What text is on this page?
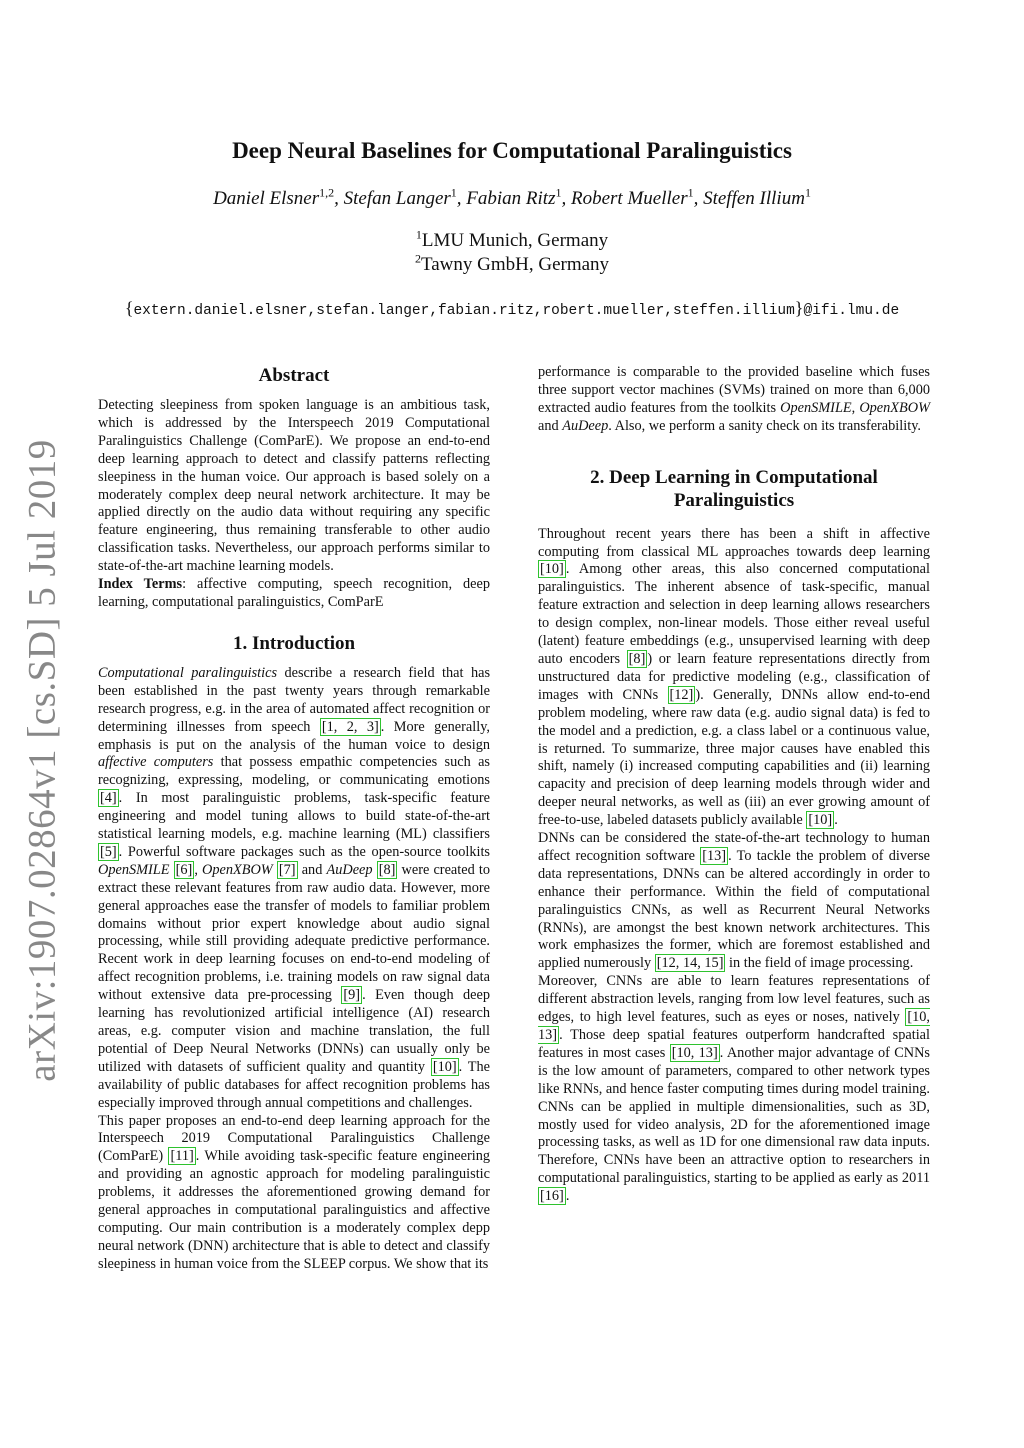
arXiv:1907.02864v1 [cs.SD] 5 Jul 2019
Deep Neural Baselines for Computational Paralinguistics
Daniel Elsner$^{1,2}$, Stefan Langer$^1$, Fabian Ritz$^1$, Robert Mueller$^1$, Steffen Illium$^1$
$^1$LMU Munich, Germany
$^2$Tawny GmbH, Germany
{extern.daniel.elsner,stefan.langer,fabian.ritz,robert.mueller,steffen.illium}@ifi.lmu.de
Abstract

Detecting sleepiness from spoken language is an ambitious task, which is addressed by the Interspeech 2019 Computational Paralinguistics Challenge (ComParE). We propose an end-to-end deep learning approach to detect and classify patterns reflecting sleepiness in the human voice. Our approach is based solely on a moderately complex deep neural network architecture. It may be applied directly on the audio data without requiring any specific feature engineering, thus remaining transferable to other audio classification tasks. Nevertheless, our approach performs similar to state-of-the-art machine learning models.

Index Terms: affective computing, speech recognition, deep learning, computational paralinguistics, ComParE

1. Introduction

Computational paralinguistics describe a research field that has been established in the past twenty years through remarkable research progress, e.g. in the area of automated affect recognition or determining illnesses from speech [1, 2, 3] . More generally, emphasis is put on the analysis of the human voice to design affective computers that possess empathic competencies such as recognizing, expressing, modeling, or communicating emotions [4] . In most paralinguistic problems, task-specific feature engineering and model tuning allows to build state-of-the-art statistical learning models, e.g. machine learning (ML) classifiers [5] . Powerful software packages such as the open-source toolkits OpenSMILE [6] , OpenXBOW [7] and AuDeep [8] were created to extract these relevant features from raw audio data. However, more general approaches ease the transfer of models to familiar problem domains without prior expert knowledge about audio signal processing, while still providing adequate predictive performance. Recent work in deep learning focuses on end-to-end modeling of affect recognition problems, i.e. training models on raw signal data without extensive data pre-processing [9] . Even though deep learning has revolutionized artificial intelligence (AI) research areas, e.g. computer vision and machine translation, the full potential of Deep Neural Networks (DNNs) can usually only be utilized with datasets of sufficient quality and quantity [10] . The availability of public databases for affect recognition problems has especially improved through annual competitions and challenges.

This paper proposes an end-to-end deep learning approach for the Interspeech 2019 Computational Paralinguistics Challenge (ComParE) [11] . While avoiding task-specific feature engineering and providing an agnostic approach for modeling paralinguistic problems, it addresses the aforementioned growing demand for general approaches in computational paralinguistics and affective computing. Our main contribution is a moderately complex depp neural network (DNN) architecture that is able to detect and classify sleepiness in human voice from the SLEEP corpus. We show that its

performance is comparable to the provided baseline which fuses three support vector machines (SVMs) trained on more than 6,000 extracted audio features from the toolkits OpenSMILE, OpenXBOW and AuDeep. Also, we perform a sanity check on its transferability.

2. Deep Learning in Computational Paralinguistics

Throughout recent years there has been a shift in affective computing from classical ML approaches towards deep learning [10] . Among other areas, this also concerned computational paralinguistics. The inherent absence of task-specific, manual feature extraction and selection in deep learning allows researchers to design complex, non-linear models. Those either reveal useful (latent) feature embeddings (e.g., unsupervised learning with deep auto encoders [8] ) or learn feature representations directly from unstructured data for predictive modeling (e.g., classification of images with CNNs [12] ). Generally, DNNs allow end-to-end problem modeling, where raw data (e.g. audio signal data) is fed to the model and a prediction, e.g. a class label or a continuous value, is returned. To summarize, three major causes have enabled this shift, namely (i) increased computing capabilities and (ii) learning capacity and precision of deep learning models through wider and deeper neural networks, as well as (iii) an ever growing amount of free-to-use, labeled datasets publicly available [10] .

DNNs can be considered the state-of-the-art technology to human affect recognition software [13] . To tackle the problem of diverse data representations, DNNs can be altered accordingly in order to enhance their performance. Within the field of computational paralinguistics CNNs, as well as Recurrent Neural Networks (RNNs), are amongst the best known network architectures. This work emphasizes the former, which are foremost established and applied numerously [12, 14, 15] in the field of image processing.

Moreover, CNNs are able to learn features representations of different abstraction levels, ranging from low level features, such as edges, to high level features, such as eyes or noses, natively [10, 13] . Those deep spatial features outperform handcrafted spatial features in most cases [10, 13] . Another major advantage of CNNs is the low amount of parameters, compared to other network types like RNNs, and hence faster computing times during model training. CNNs can be applied in multiple dimensionalities, such as 3D, mostly used for video analysis, 2D for the aforementioned image processing tasks, as well as 1D for one dimensional raw data inputs. Therefore, CNNs have been an attractive option to researchers in computational paralinguistics, starting to be applied as early as 2011 [16] .
